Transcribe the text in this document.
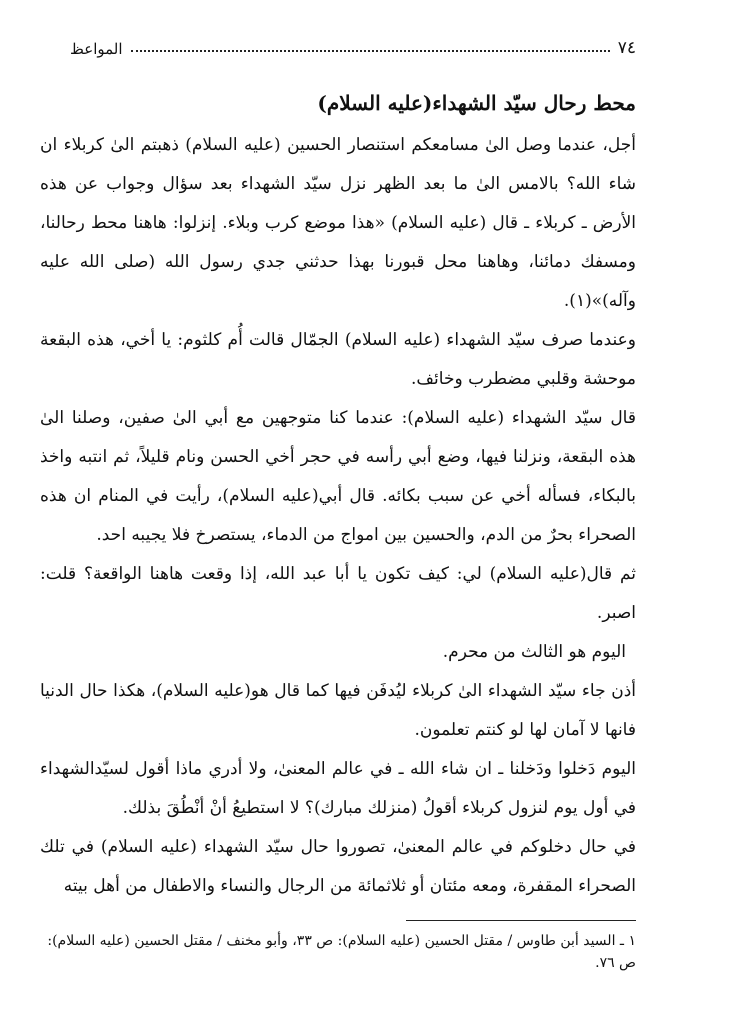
٧٤
المواعظ
محط رحال سيّد الشهداء(عليه السلام)

أجل، عندما وصل الىٰ مسامعكم استنصار الحسين (عليه السلام) ذهبتم الىٰ كربلاء ان شاء الله؟ بالامس الىٰ ما بعد الظهر نزل سيّد الشهداء بعد سؤال وجواب عن هذه الأرض ـ كربلاء ـ قال (عليه السلام) «هذا موضع كرب وبلاء. إنزلوا: هاهنا محط رحالنا، ومسفك دمائنا، وهاهنا محل قبورنا بهذا حدثني جدي رسول الله (صلى الله عليه وآله)»(١).

وعندما صرف سيّد الشهداء (عليه السلام) الجمّال قالت أُم كلثوم: يا أخي، هذه البقعة موحشة وقلبي مضطرب وخائف.

قال سيّد الشهداء (عليه السلام): عندما كنا متوجهين مع أبي الىٰ صفين، وصلنا الىٰ هذه البقعة، ونزلنا فيها، وضع أبي رأسه في حجر أخي الحسن ونام قليلاً، ثم انتبه واخذ بالبكاء، فسأله أخي عن سبب بكائه. قال أبي(عليه السلام)، رأيت في المنام ان هذه الصحراء بحرٌ من الدم، والحسين بين امواج من الدماء، يستصرخ فلا يجيبه احد.

ثم قال(عليه السلام) لي: كيف تكون يا أبا عبد الله، إذا وقعت هاهنا الواقعة؟ قلت: اصبر.

اليوم هو الثالث من محرم.

أذن جاء سيّد الشهداء الىٰ كربلاء ليُدفَن فيها كما قال هو(عليه السلام)، هكذا حال الدنيا فانها لا آمان لها لو كنتم تعلمون.

اليوم دَخلوا ودَخلنا ـ ان شاء الله ـ في عالم المعنىٰ، ولا أدري ماذا أقول لسيّدالشهداء في أول يوم لنزول كربلاء أقولُ (منزلك مبارك)؟ لا استطيعُ أنْ أنْطُقَ بذلك.

في حال دخلوكم في عالم المعنىٰ، تصوروا حال سيّد الشهداء (عليه السلام) في تلك الصحراء المقفرة، ومعه مئتان أو ثلاثمائة من الرجال والنساء والاطفال من أهل بيته

١ ـ السيد أبن طاوس / مقتل الحسين (عليه السلام): ص ٣٣، وأبو مخنف / مقتل الحسين (عليه السلام): ص ٧٦.
